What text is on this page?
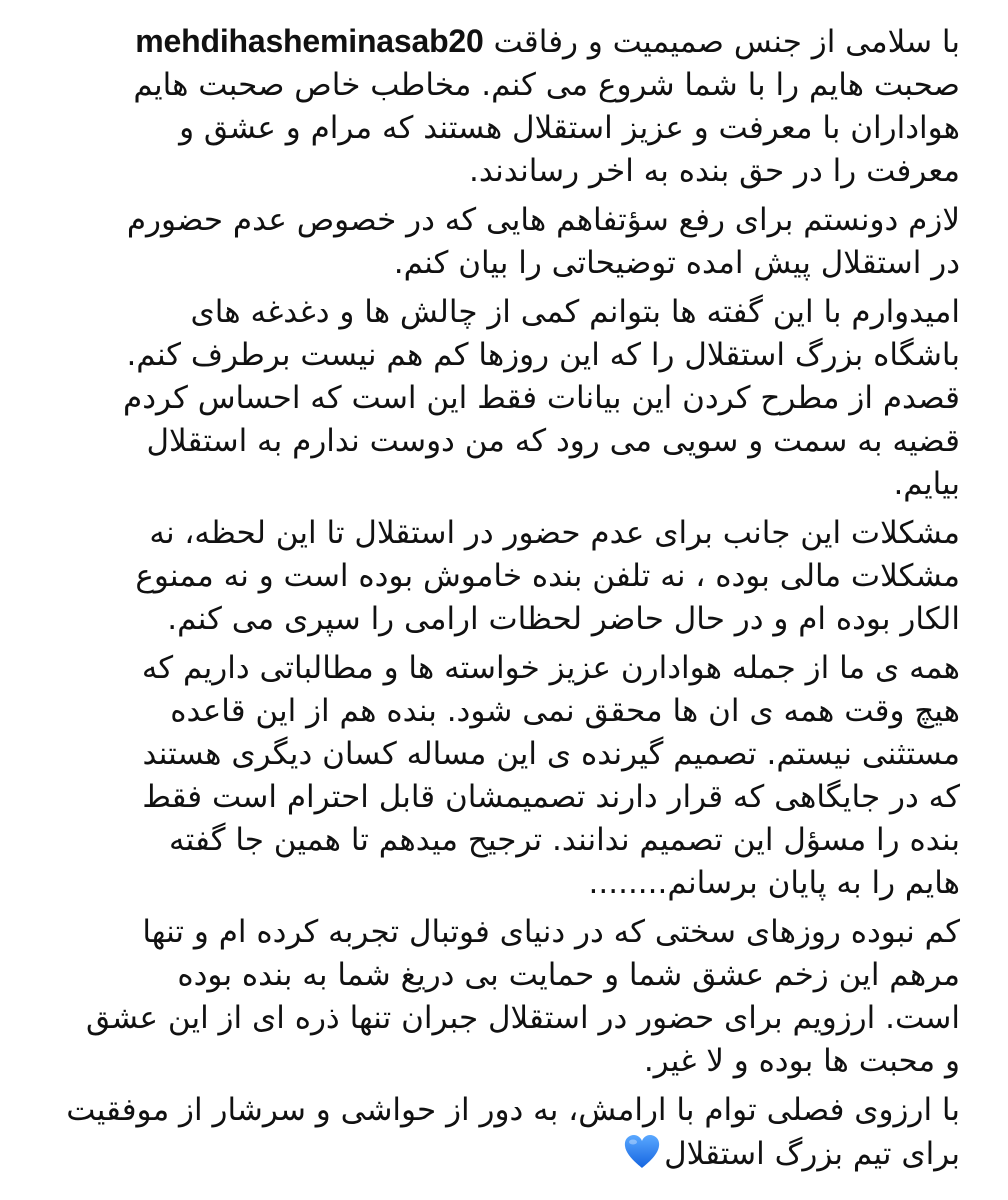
با سلامی از جنس صمیمیت و رفاقت mehdihasheminasab20
صحبت هایم را با شما شروع می کنم. مخاطب خاص صحبت هایم
هواداران با معرفت و عزیز استقلال هستند که مرام و عشق و
معرفت را در حق بنده به اخر رساندند.
لازم دونستم برای رفع سؤتفاهم هایی که در خصوص عدم حضورم
در استقلال پیش امده توضیحاتی را بیان کنم.
امیدوارم با این گفته ها بتوانم کمی از چالش ها و دغدغه های
باشگاه بزرگ استقلال را که این روزها کم هم نیست برطرف کنم.
قصدم از مطرح کردن این بیانات فقط این است که احساس کردم
قضیه به سمت و سویی می رود که من دوست ندارم به استقلال
بیایم.
مشکلات این جانب برای عدم حضور در استقلال تا این لحظه، نه
مشکلات مالی بوده ، نه تلفن بنده خاموش بوده است و نه ممنوع
الکار بوده ام و در حال حاضر لحظات ارامی را سپری می کنم.
همه ی ما از جمله هوادارن عزیز خواسته ها و مطالباتی داریم که
هیچ وقت همه ی ان ها محقق نمی شود. بنده هم از این قاعده
مستثنی نیستم. تصمیم گیرنده ی این مساله کسان دیگری هستند
که در جایگاهی که قرار دارند تصمیمشان قابل احترام است فقط
بنده را مسؤل این تصمیم ندانند. ترجیح میدهم تا همین جا گفته
هایم را به پایان برسانم........
کم نبوده روزهای سختی که در دنیای فوتبال تجربه کرده ام و تنها
مرهم این زخم عشق شما و حمایت بی دریغ شما به بنده بوده
است. ارزویم برای حضور در استقلال جبران تنها ذره ای از این عشق
و محبت ها بوده و لا غیر.
با ارزوی فصلی توام با ارامش، به دور از حواشی و سرشار از موفقیت
برای تیم بزرگ استقلال
